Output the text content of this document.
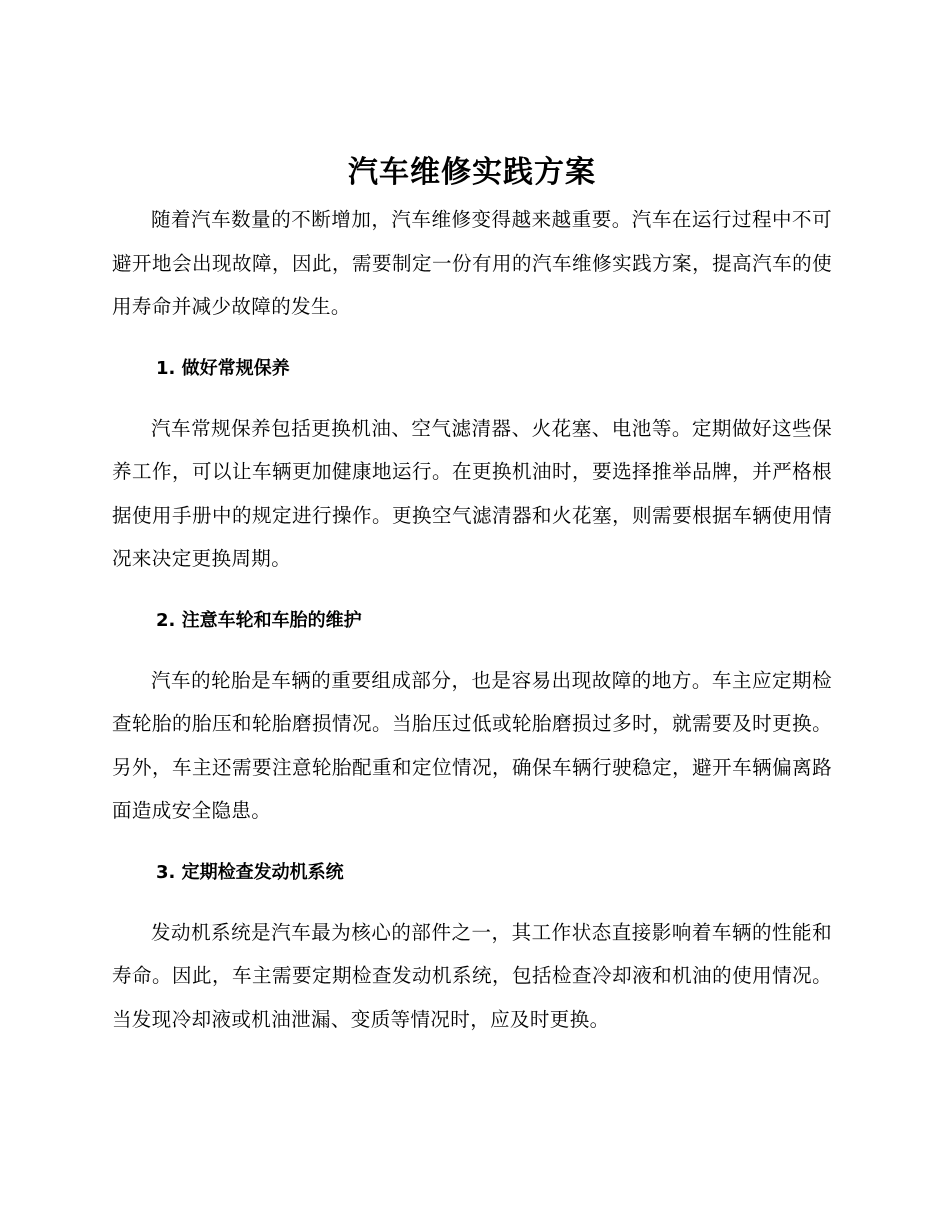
汽车维修实践方案

随着汽车数量的不断增加，汽车维修变得越来越重要。汽车在运行过程中不可避开地会出现故障，因此，需要制定一份有用的汽车维修实践方案，提高汽车的使用寿命并减少故障的发生。

1. 做好常规保养

汽车常规保养包括更换机油、空气滤清器、火花塞、电池等。定期做好这些保养工作，可以让车辆更加健康地运行。在更换机油时，要选择推举品牌，并严格根据使用手册中的规定进行操作。更换空气滤清器和火花塞，则需要根据车辆使用情况来决定更换周期。

2. 注意车轮和车胎的维护

汽车的轮胎是车辆的重要组成部分，也是容易出现故障的地方。车主应定期检查轮胎的胎压和轮胎磨损情况。当胎压过低或轮胎磨损过多时，就需要及时更换。另外，车主还需要注意轮胎配重和定位情况，确保车辆行驶稳定，避开车辆偏离路面造成安全隐患。

3. 定期检查发动机系统

发动机系统是汽车最为核心的部件之一，其工作状态直接影响着车辆的性能和寿命。因此，车主需要定期检查发动机系统，包括检查冷却液和机油的使用情况。当发现冷却液或机油泄漏、变质等情况时，应及时更换。
